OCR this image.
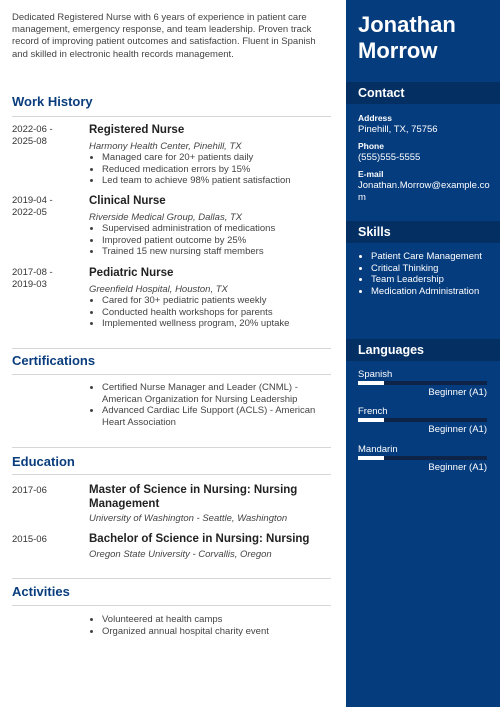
Dedicated Registered Nurse with 6 years of experience in patient care management, emergency response, and team leadership. Proven track record of improving patient outcomes and satisfaction. Fluent in Spanish and skilled in electronic health records management.
Work History
2022-06 -
2025-08
Registered Nurse
Harmony Health Center, Pinehill, TX
• Managed care for 20+ patients daily
• Reduced medication errors by 15%
• Led team to achieve 98% patient satisfaction
2019-04 -
2022-05
Clinical Nurse
Riverside Medical Group, Dallas, TX
• Supervised administration of medications
• Improved patient outcome by 25%
• Trained 15 new nursing staff members
2017-08 -
2019-03
Pediatric Nurse
Greenfield Hospital, Houston, TX
• Cared for 30+ pediatric patients weekly
• Conducted health workshops for parents
• Implemented wellness program, 20% uptake
Certifications
• Certified Nurse Manager and Leader (CNML) - American Organization for Nursing Leadership
• Advanced Cardiac Life Support (ACLS) - American Heart Association
Education
2017-06	Master of Science in Nursing: Nursing Management
University of Washington - Seattle, Washington
2015-06	Bachelor of Science in Nursing: Nursing
Oregon State University - Corvallis, Oregon
Activities
• Volunteered at health camps
• Organized annual hospital charity event
Jonathan
Morrow
Contact
Address
Pinehill, TX, 75756
Phone
(555)555-5555
E-mail
Jonathan.Morrow@example.com
Skills
• Patient Care Management
• Critical Thinking
• Team Leadership
• Medication Administration
Languages
Spanish
Beginner (A1)
French
Beginner (A1)
Mandarin
Beginner (A1)
